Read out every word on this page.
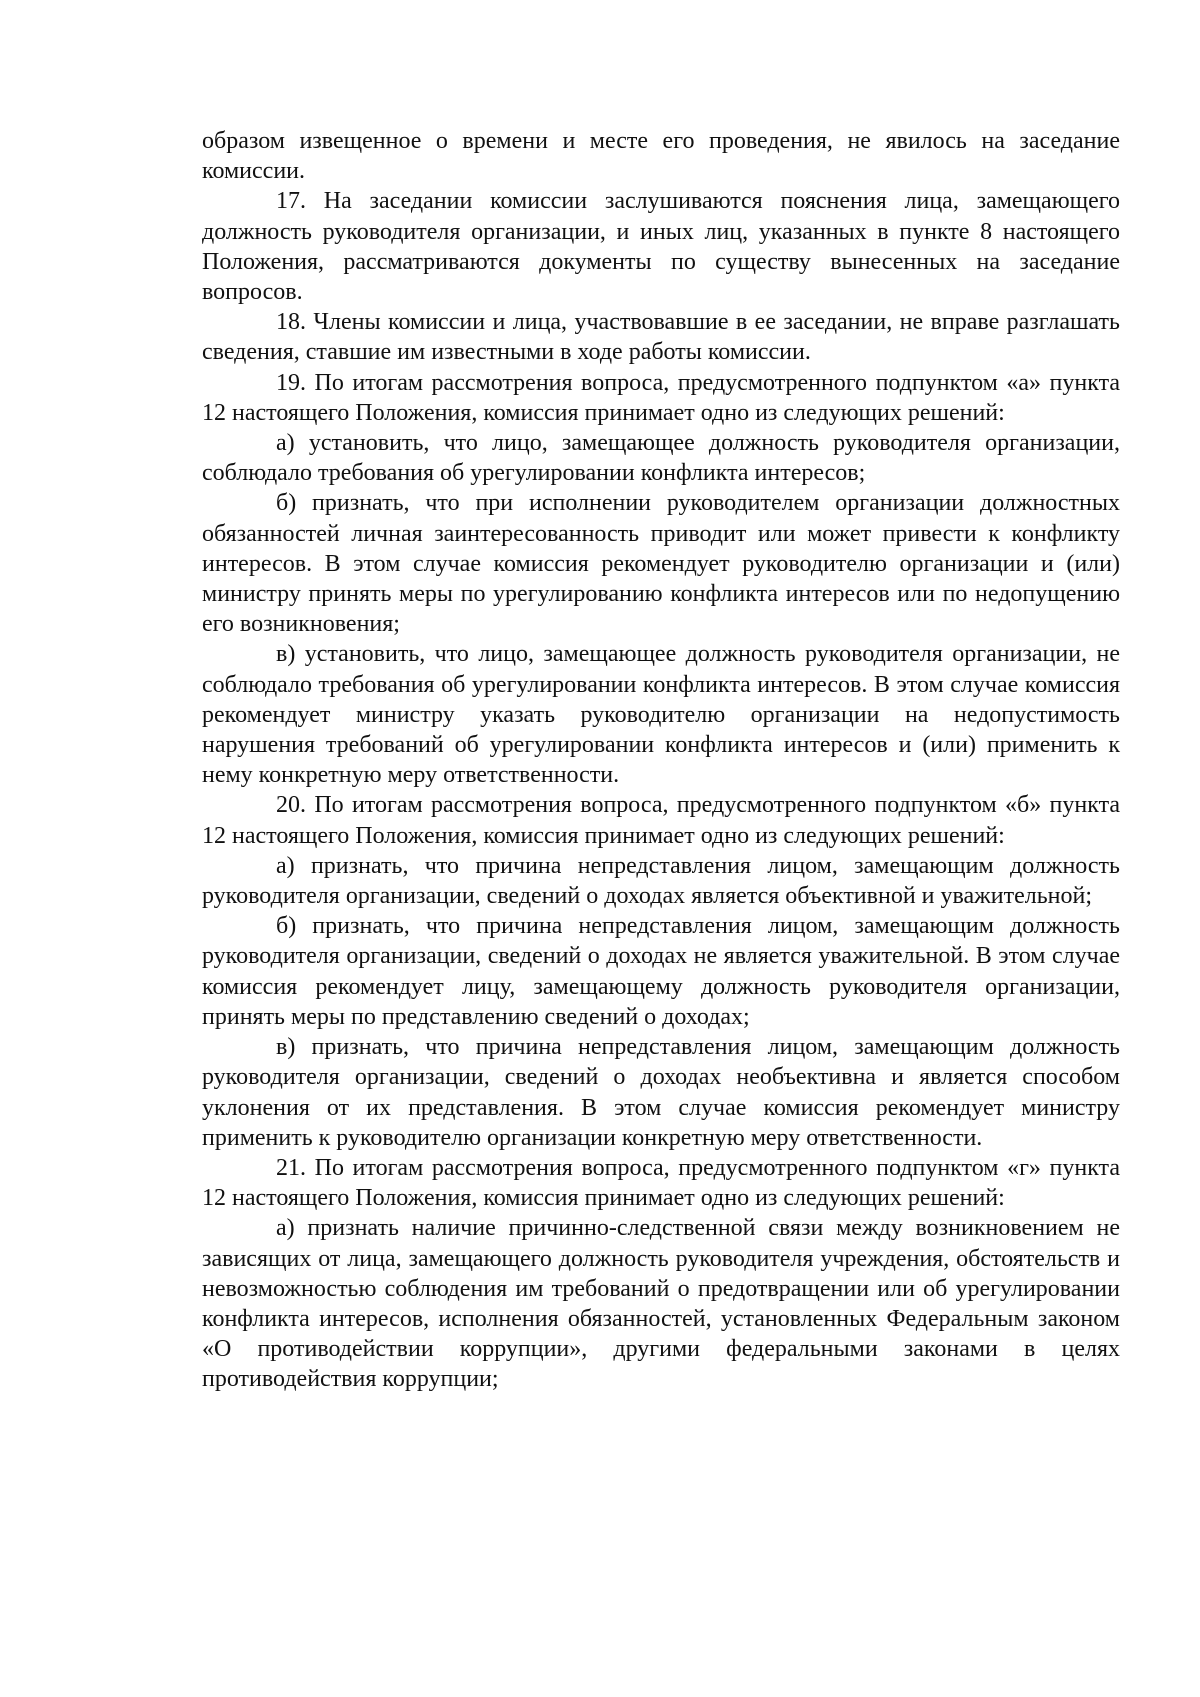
образом извещенное о времени и месте его проведения, не явилось на заседание комиссии.

17. На заседании комиссии заслушиваются пояснения лица, замещающего должность руководителя организации, и иных лиц, указанных в пункте 8 настоящего Положения, рассматриваются документы по существу вынесенных на заседание вопросов.

18. Члены комиссии и лица, участвовавшие в ее заседании, не вправе разглашать сведения, ставшие им известными в ходе работы комиссии.

19. По итогам рассмотрения вопроса, предусмотренного подпунктом «а» пункта 12 настоящего Положения, комиссия принимает одно из следующих решений:

а) установить, что лицо, замещающее должность руководителя организации, соблюдало требования об урегулировании конфликта интересов;

б) признать, что при исполнении руководителем организации должностных обязанностей личная заинтересованность приводит или может привести к конфликту интересов. В этом случае комиссия рекомендует руководителю организации и (или) министру принять меры по урегулированию конфликта интересов или по недопущению его возникновения;

в) установить, что лицо, замещающее должность руководителя организации, не соблюдало требования об урегулировании конфликта интересов. В этом случае комиссия рекомендует министру указать руководителю организации на недопустимость нарушения требований об урегулировании конфликта интересов и (или) применить к нему конкретную меру ответственности.

20. По итогам рассмотрения вопроса, предусмотренного подпунктом «б» пункта 12 настоящего Положения, комиссия принимает одно из следующих решений:

а) признать, что причина непредставления лицом, замещающим должность руководителя организации, сведений о доходах является объективной и уважительной;

б) признать, что причина непредставления лицом, замещающим должность руководителя организации, сведений о доходах не является уважительной. В этом случае комиссия рекомендует лицу, замещающему должность руководителя организации, принять меры по представлению сведений о доходах;

в) признать, что причина непредставления лицом, замещающим должность руководителя организации, сведений о доходах необъективна и является способом уклонения от их представления. В этом случае комиссия рекомендует министру применить к руководителю организации конкретную меру ответственности.

21. По итогам рассмотрения вопроса, предусмотренного подпунктом «г» пункта 12 настоящего Положения, комиссия принимает одно из следующих решений:

а) признать наличие причинно-следственной связи между возникновением не зависящих от лица, замещающего должность руководителя учреждения, обстоятельств и невозможностью соблюдения им требований о предотвращении или об урегулировании конфликта интересов, исполнения обязанностей, установленных Федеральным законом «О противодействии коррупции», другими федеральными законами в целях противодействия коррупции;
